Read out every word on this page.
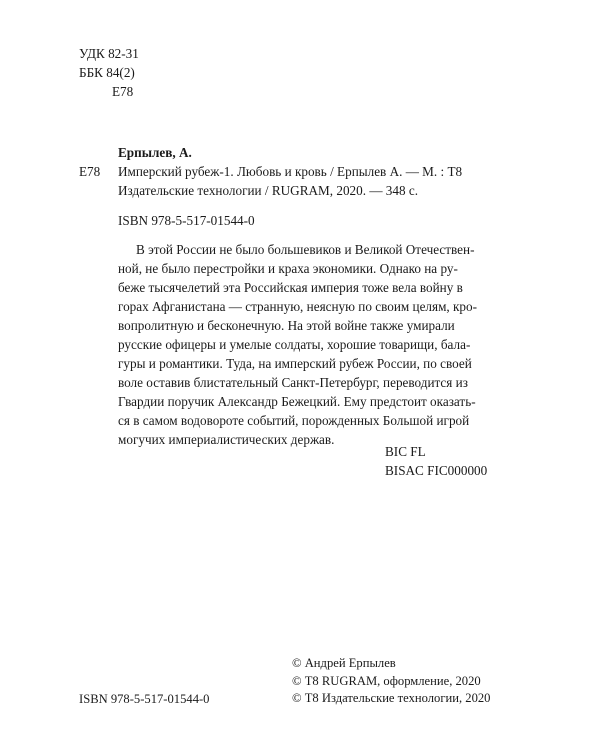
УДК 82-31
ББК 84(2)
Е78
Ерпылев, А.
Е78 Имперский рубеж-1. Любовь и кровь / Ерпылев А. — М. : Т8
Издательские технологии / RUGRAM, 2020. — 348 с.
ISBN 978-5-517-01544-0
В этой России не было большевиков и Великой Отечествен-
ной, не было перестройки и краха экономики. Однако на ру-
беже тысячелетий эта Российская империя тоже вела войну в
горах Афганистана — странную, неясную по своим целям, кро-
вопролитную и бесконечную. На этой войне также умирали
русские офицеры и умелые солдаты, хорошие товарищи, бала-
гуры и романтики. Туда, на имперский рубеж России, по своей
воле оставив блистательный Санкт-Петербург, переводится из
Гвардии поручик Александр Бежецкий. Ему предстоит оказать-
ся в самом водовороте событий, порожденных Большой игрой
могучих империалистических держав.
BIC FL
BISAC FIC000000
© Андрей Ерпылев
© Т8 RUGRAM, оформление, 2020
© Т8 Издательские технологии, 2020
ISBN 978-5-517-01544-0
